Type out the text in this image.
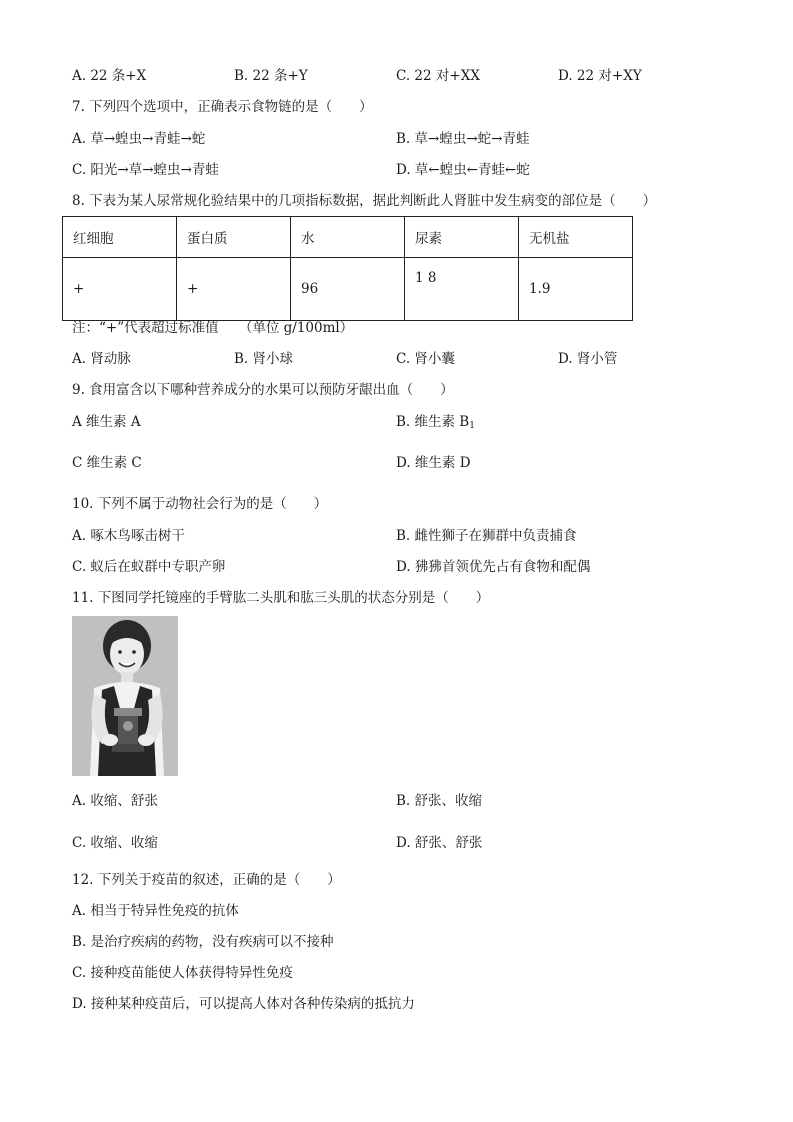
A. 22 条+X	B. 22 条+Y	C. 22 对+XX	D. 22 对+XY
7. 下列四个选项中，正确表示食物链的是（　　）
A. 草→蝗虫→青蛙→蛇	B. 草→蝗虫→蛇→青蛙
C. 阳光→草→蝗虫→青蛙	D. 草←蝗虫←青蛙←蛇
8. 下表为某人尿常规化验结果中的几项指标数据，据此判断此人肾脏中发生病变的部位是（　　）
红细胞	蛋白质	水	尿素	无机盐
+	+	96	1 8	1.9
注：“+”代表超过标准值　　（单位 g/100ml）
A. 肾动脉	B. 肾小球	C. 肾小囊	D. 肾小管
9. 食用富含以下哪种营养成分的水果可以预防牙龈出血（　　）
A 维生素 A	B. 维生素 $B_1$
C 维生素 C	D. 维生素 D
10. 下列不属于动物社会行为的是（　　）
A. 啄木鸟啄击树干	B. 雌性狮子在狮群中负责捕食
C. 蚁后在蚁群中专职产卵	D. 狒狒首领优先占有食物和配偶
11. 下图同学托镜座的手臂肱二头肌和肱三头肌的状态分别是（　　）
A. 收缩、舒张	B. 舒张、收缩
C. 收缩、收缩	D. 舒张、舒张
12. 下列关于疫苗的叙述，正确的是（　　）
A. 相当于特异性免疫的抗体
B. 是治疗疾病的药物，没有疾病可以不接种
C. 接种疫苗能使人体获得特异性免疫
D. 接种某种疫苗后，可以提高人体对各种传染病的抵抗力
